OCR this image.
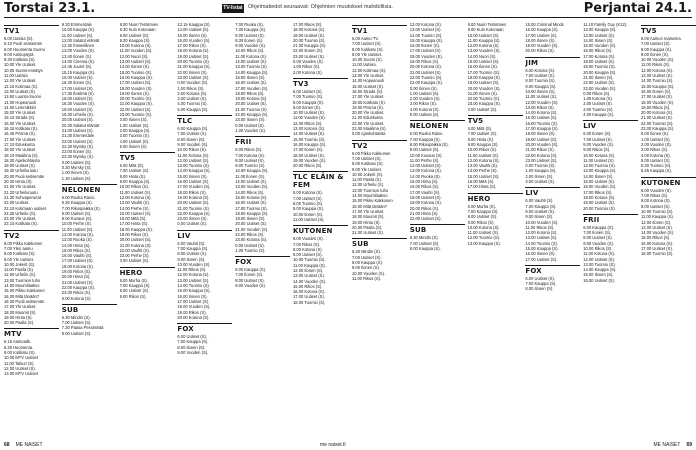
Torstai 23.1.	TV-listat Ohjelmatiedot seuraavat: Ohjelmien muutokset mahdollisia.	Perjantai 24.1.
TV1
5.00 Uutisia (S).
5.10 Puoli seitsemän
6.00 Huomenta Suomi
9.00 Aamupöytä
9.30 Kotikatu (S).
10.00 Yle Uutiset.
10.05 Suomi-ennätys
11.00 Uutisia
12.00 Yle Uutiset.
12.10 Kotimaa (S).
13.00 Uutiset (S).
13.50 Luonto-Suomi
14.00 Hopeanuoli
14.50 Lemmikkini
15.00 Yle Uutiset.
15.10 Strada (S).
16.00 Yle Uutiset.
16.15 Kotikatu (S).
16.45 Prisma (S).
17.00 Yle Uutiset.
17.10 Eduskunta
18.00 Yle Uutiset.
18.10 Maailma (S).
18.30 Ajankohtaista
19.00 Uutiset (S).
19.30 Urheiluruutu
20.00 Puoli seitsemän
20.30 Hinta (S).
21.00 Yle Uutiset.
21.20 Urheiluruutu
21.30 Sohvaperunat
22.00 Uutiset.
22.10 Kotimaan uutiset
22.25 Urheilu (S).
23.00 Yle Uutiset.
23.10 Kotikatu (S).
TV2
6.00 Pikku Kakkonen
7.00 Ylen aamu
8.00 Kotikatu (S).
9.00 Yle Uutiset.
10.00 Jokerit (S).
11.00 Pasila (S).
12.00 Urheilu (S).
13.00 Tuomion tuho
14.00 Muumilaakso
15.00 Pikku Kakkonen
16.00 Mitä tänään?
16.30 Puoli seitsemän
17.00 Yle Uutiset.
18.00 Muumit (S).
19.00 Hinta (S).
20.00 Pasila (S).
MTV
6.15 Aamutalk.
6.30 Huomenta.
9.00 Kotikatu (S).
10.00 MTV Uutiset
11.00 Taikuri (S).
12.00 Uutiset (S).
13.00 MTV Uutiset
9.30 Emmerdale
10.00 Kauppa (S).
11.00 Uutiset (S).
12.00 Salatut elämät
12.30 Ihmeellinen
13.00 Vuoden (S).
13.40 Ilonen (S).
14.00 Cinema (S).
14.45 Juuret (S).
15.15 Kauppa (S).
16.00 Uutiset (S).
16.30 Ilonen (S).
17.00 Uutiset (S).
17.30 Ilosilmä (S).
18.00 Uutiset (S).
18.30 Vuoden (S).
19.00 Uutiset (S).
19.30 Urheilu (S).
20.00 Uutiset (S).
20.30 Salatut elämät
21.00 Uutiset (S).
21.30 Emmerdale
22.00 Uutiset (S).
22.30 Myrsky (S).
23.00 Ilonen (S).
23.30 Myrsky (S).
0.00 Uutiset (S).
0.30 Myrsky (S).
1.00 Ilonen (S).
1.30 Uutiset (S).
NELONEN
6.00 Ruoka Raivo.
6.30 Kauppa (S).
7.00 Rikospaikka (S).
8.00 Uutiset (S).
9.00 Kuvaus (S).
10.00 Perhe (S).
11.00 Uutiset (S).
12.00 Kotona (S).
13.00 Ruoka (S).
14.00 Hinta (S).
15.00 Rikos (S).
16.00 Vauhti (S).
17.00 Uutiset (S).
18.00 Kotona (S).
19.00 Rikos (S).
20.00 Hinta (S).
21.00 Uutiset (S).
22.00 Kauppa (S).
23.00 Rikos (S).
0.00 Kotona (S).
SUB
6.30 Mindin (S).
7.00 Uutiset (S).
7.30 Paasa Pessimistä
8.00 Uutiset (S).
8.00 Nuori Teräsmies
8.30 Kuin Kotonaan
9.00 Uutiset (S).
9.30 Kauppa (S).
10.00 Kotona (S).
11.00 Vuoden (S).
12.00 Nuori (S).
13.00 Uutiset (S).
14.00 Ilonen (S).
15.00 Tuomio (S).
16.00 Kauppa (S).
17.00 Uutiset (S).
18.00 Vuoden (S).
19.00 Ilonen (S).
20.00 Tuomio (S).
21.00 Kauppa (S).
22.00 Uutiset (S).
23.00 Tuomio (S).
0.00 Ilonen (S).
1.00 Uutiset (S).
2.00 Kauppa (S).
3.00 Tuomio (S).
4.00 Uutiset (S).
5.00 Ilonen (S).
TV5
6.00 Mitä (S).
7.00 Uutiset (S).
8.00 Hinta (S).
9.00 Kauppa (S).
10.00 Rikos (S).
11.00 Uutiset (S).
12.00 Kotona (S).
13.00 Vauhti (S).
14.00 Perhe (S).
15.00 Uutiset (S).
16.00 Mitä (S).
17.00 Hinta (S).
18.00 Kauppa (S).
19.00 Rikos (S).
20.00 Uutiset (S).
21.00 Kotona (S).
22.00 Vauhti (S).
23.00 Perhe (S).
0.00 Uutiset (S).
HERO
6.00 Murha (S).
7.00 Kauppa (S).
8.00 Uutiset (S).
9.00 Rikos (S).
13.15 Kauppa (S).
14.00 Uutiset (S).
15.00 Ilonen (S).
16.00 Vuoden (S).
17.00 Rikos (S).
18.00 Kotona (S).
19.00 Uutiset (S).
20.00 Tuomio (S).
21.00 Kauppa (S).
22.00 Ilonen (S).
23.00 Uutiset (S).
0.00 Vuoden (S).
1.00 Rikos (S).
2.00 Kotona (S).
3.00 Uutiset (S).
4.00 Tuomio (S).
5.00 Kauppa (S).
TLC
6.00 Kauppa (S).
7.00 Uutiset (S).
8.00 Ilonen (S).
9.00 Vuoden (S).
10.00 Rikos (S).
11.00 Kotona (S).
12.00 Uutiset (S).
13.00 Tuomio (S).
14.00 Kauppa (S).
15.00 Ilonen (S).
16.00 Uutiset (S).
17.00 Vuoden (S).
18.00 Rikos (S).
19.00 Kotona (S).
20.00 Uutiset (S).
21.00 Tuomio (S).
22.00 Kauppa (S).
23.00 Ilonen (S).
0.00 Uutiset (S).
LIV
6.00 Vauhti (S).
7.00 Kauppa (S).
8.00 Uutiset (S).
9.00 Ilonen (S).
10.00 Vuoden (S).
11.00 Rikos (S).
12.00 Kotona (S).
13.00 Uutiset (S).
14.00 Tuomio (S).
15.00 Kauppa (S).
16.00 Ilonen (S).
17.00 Uutiset (S).
18.00 Vuoden (S).
19.00 Rikos (S).
20.00 Kotona (S).
FOX
6.00 Uutiset (S).
7.00 Kauppa (S).
8.00 Ilonen (S).
9.00 Vuoden (S).
7.00 Ruoka (S).
7.30 Kauppa (S).
8.00 Uutiset (S).
8.30 Ilonen (S).
9.00 Vuoden (S).
10.00 Rikos (S).
11.00 Kotona (S).
12.00 Uutiset (S).
13.00 Tuomio (S).
14.00 Kauppa (S).
15.00 Ilonen (S).
16.00 Uutiset (S).
17.00 Vuoden (S).
18.00 Rikos (S).
19.00 Kotona (S).
20.00 Uutiset (S).
21.00 Tuomio (S).
22.00 Kauppa (S).
23.00 Ilonen (S).
0.00 Uutiset (S).
1.00 Vuoden (S).
FRII
6.00 Rikos (S).
7.00 Kotona (S).
8.00 Uutiset (S).
9.00 Tuomio (S).
10.00 Kauppa (S).
11.00 Ilonen (S).
12.00 Uutiset (S).
13.00 Vuoden (S).
14.00 Rikos (S).
15.00 Kotona (S).
16.00 Uutiset (S).
17.00 Tuomio (S).
18.00 Kauppa (S).
19.00 Ilonen (S).
20.00 Uutiset (S).
21.00 Vuoden (S).
22.00 Rikos (S).
23.00 Kotona (S).
0.00 Uutiset (S).
1.00 Tuomio (S).
FOX
6.00 Kauppa (S).
7.00 Ilonen (S).
8.00 Uutiset (S).
9.00 Vuoden (S).
17.00 Rikos (S).
18.00 Kotona (S).
19.00 Uutiset (S).
20.00 Tuomio (S).
21.00 Kauppa (S).
22.00 Ilonen (S).
23.00 Uutiset (S).
0.00 Vuoden (S).
1.00 Rikos (S).
2.00 Kotona (S).
TV3
6.00 Uutiset (S).
7.00 Tuomio (S).
8.00 Kauppa (S).
9.00 Ilonen (S).
10.00 Uutiset (S).
11.00 Vuoden (S).
12.00 Rikos (S).
13.00 Kotona (S).
14.00 Uutiset (S).
15.00 Tuomio (S).
16.00 Kauppa (S).
17.00 Ilonen (S).
18.00 Uutiset (S).
19.00 Vuoden (S).
20.00 Rikos (S).
TLC ELÄIN & FEM
6.00 Kotona (S).
7.00 Uutiset (S).
8.00 Tuomio (S).
9.00 Kauppa (S).
10.00 Ilonen (S).
11.00 Uutiset (S).
KUTONEN
6.00 Vuoden (S).
7.00 Rikos (S).
8.00 Kotona (S).
9.00 Uutiset (S).
10.00 Tuomio (S).
11.00 Kauppa (S).
12.00 Ilonen (S).
13.00 Uutiset (S).
14.00 Vuoden (S).
15.00 Rikos (S).
16.00 Kotona (S).
17.00 Uutiset (S).
18.00 Tuomio (S).
TV1
6.00 Aamu-TV.
7.00 Uutiset (S).
8.00 Kotikatu (S).
9.00 Yle Uutiset.
10.00 Suomi (S).
11.00 Uutisia.
12.00 Kotimaa (S).
13.00 Yle Uutiset.
14.00 Hopeanuoli
15.00 Uutiset (S).
16.00 Strada (S).
17.00 Yle Uutiset.
18.00 Kotikatu (S).
19.00 Prisma (S).
20.00 Yle Uutiset.
21.00 Eduskunta
22.00 Yle Uutiset.
23.00 Maailma (S).
0.00 Ajankohtaista
TV2
6.00 Pikku Kakkonen
7.00 Uutiset (S).
8.00 Kotikatu (S).
9.00 Yle Uutiset.
10.00 Jokerit (S).
11.00 Pasila (S).
12.00 Urheilu (S).
13.00 Tuomion tuho
14.00 Muumilaakso
15.00 Pikku Kakkonen
16.00 Mitä tänään?
17.00 Yle Uutiset.
18.00 Muumit (S).
19.00 Hinta (S).
20.00 Pasila (S).
21.00 Uutiset (S).
SUB
6.30 Mindin (S).
7.00 Uutiset (S).
8.00 Kauppa (S).
9.00 Ilonen (S).
10.00 Vuoden (S).
11.00 Rikos (S).
12.00 Kotona (S).
13.00 Uutiset (S).
14.00 Tuomio (S).
15.00 Kauppa (S).
16.00 Ilonen (S).
17.00 Uutiset (S).
18.00 Vuoden (S).
19.00 Rikos (S).
20.00 Kotona (S).
21.00 Uutiset (S).
22.00 Tuomio (S).
23.00 Kauppa (S).
0.00 Ilonen (S).
1.00 Uutiset (S).
2.00 Vuoden (S).
3.00 Rikos (S).
4.00 Kotona (S).
5.00 Uutiset (S).
NELONEN
6.00 Ruoka Raivo.
7.00 Kauppa (S).
8.00 Rikospaikka (S).
9.00 Uutiset (S).
10.00 Kuvaus (S).
11.00 Perhe (S).
12.00 Uutiset (S).
13.00 Kotona (S).
14.00 Ruoka (S).
15.00 Hinta (S).
16.00 Rikos (S).
17.00 Vauhti (S).
18.00 Uutiset (S).
19.00 Kotona (S).
20.00 Rikos (S).
21.00 Hinta (S).
22.00 Uutiset (S).
SUB
6.30 Mindin (S).
7.00 Uutiset (S).
8.00 Kauppa (S).
8.00 Nuori Teräsmies
9.00 Kuin Kotonaan
10.00 Uutiset (S).
11.00 Kauppa (S).
12.00 Kotona (S).
13.00 Vuoden (S).
14.00 Nuori (S).
15.00 Uutiset (S).
16.00 Ilonen (S).
17.00 Tuomio (S).
18.00 Kauppa (S).
19.00 Uutiset (S).
20.00 Vuoden (S).
21.00 Ilonen (S).
22.00 Tuomio (S).
23.00 Kauppa (S).
0.00 Uutiset (S).
TV5
6.00 Mitä (S).
7.00 Uutiset (S).
8.00 Hinta (S).
9.00 Kauppa (S).
10.00 Rikos (S).
11.00 Uutiset (S).
12.00 Kotona (S).
13.00 Vauhti (S).
14.00 Perhe (S).
15.00 Uutiset (S).
16.00 Mitä (S).
17.00 Hinta (S).
HERO
6.00 Murha (S).
7.00 Kauppa (S).
8.00 Uutiset (S).
9.00 Rikos (S).
10.00 Kotona (S).
11.00 Uutiset (S).
12.00 Tuomio (S).
13.00 Kauppa (S).
15.00 Criminal Minds
16.00 Kauppa (S).
17.00 Uutiset (S).
18.00 Ilonen (S).
19.00 Vuoden (S).
20.00 Rikos (S).
JIM
6.00 Kotona (S).
7.00 Uutiset (S).
8.00 Tuomio (S).
9.00 Kauppa (S).
10.00 Ilonen (S).
11.00 Uutiset (S).
12.00 Vuoden (S).
13.00 Rikos (S).
14.00 Kotona (S).
15.00 Uutiset (S).
16.00 Tuomio (S).
17.00 Kauppa (S).
18.00 Ilonen (S).
19.00 Uutiset (S).
20.00 Vuoden (S).
21.00 Rikos (S).
22.00 Kotona (S).
23.00 Uutiset (S).
0.00 Tuomio (S).
1.00 Kauppa (S).
2.00 Ilonen (S).
3.00 Uutiset (S).
LIV
6.00 Vauhti (S).
7.00 Kauppa (S).
8.00 Uutiset (S).
9.00 Ilonen (S).
10.00 Vuoden (S).
11.00 Rikos (S).
12.00 Kotona (S).
13.00 Uutiset (S).
14.00 Tuomio (S).
15.00 Kauppa (S).
16.00 Ilonen (S).
17.00 Uutiset (S).
FOX
6.00 Uutiset (S).
7.00 Kauppa (S).
8.00 Ilonen (S).
11.10 Family Guy (K12).
12.00 Kauppa (S).
13.00 Uutiset (S).
14.00 Ilonen (S).
15.00 Vuoden (S).
16.00 Rikos (S).
17.00 Kotona (S).
18.00 Uutiset (S).
19.00 Tuomio (S).
20.00 Kauppa (S).
21.00 Ilonen (S).
22.00 Uutiset (S).
23.00 Vuoden (S).
0.00 Rikos (S).
1.00 Kotona (S).
2.00 Uutiset (S).
3.00 Tuomio (S).
4.00 Kauppa (S).
LIV
6.00 Ilonen (S).
7.00 Uutiset (S).
8.00 Vuoden (S).
9.00 Rikos (S).
10.00 Kotona (S).
11.00 Uutiset (S).
12.00 Tuomio (S).
13.00 Kauppa (S).
14.00 Ilonen (S).
15.00 Uutiset (S).
16.00 Vuoden (S).
17.00 Rikos (S).
18.00 Kotona (S).
19.00 Uutiset (S).
20.00 Tuomio (S).
FRII
6.00 Kauppa (S).
7.00 Ilonen (S).
8.00 Uutiset (S).
9.00 Vuoden (S).
10.00 Rikos (S).
11.00 Kotona (S).
12.00 Uutiset (S).
13.00 Tuomio (S).
14.00 Kauppa (S).
15.00 Ilonen (S).
16.00 Uutiset (S).
TV5
6.00 Aamun maisema
7.00 Uutiset (S).
8.00 Kauppa (S).
9.00 Ilonen (S).
10.00 Vuoden (S).
11.00 Rikos (S).
12.00 Kotona (S).
13.00 Uutiset (S).
14.00 Tuomio (S).
15.00 Kauppa (S).
16.00 Ilonen (S).
17.00 Uutiset (S).
18.00 Vuoden (S).
19.00 Rikos (S).
20.00 Kotona (S).
21.00 Uutiset (S).
22.00 Tuomio (S).
23.00 Kauppa (S).
0.00 Ilonen (S).
1.00 Uutiset (S).
2.00 Vuoden (S).
3.00 Rikos (S).
4.00 Kotona (S).
5.00 Uutiset (S).
5.30 Tuomio (S).
5.45 Kauppa (S).
KUTONEN
6.00 Vuoden (S).
7.00 Rikos (S).
8.00 Kotona (S).
9.00 Uutiset (S).
10.00 Tuomio (S).
11.00 Kauppa (S).
12.00 Ilonen (S).
13.00 Uutiset (S).
14.00 Vuoden (S).
15.00 Rikos (S).
16.00 Kotona (S).
17.00 Uutiset (S).
18.00 Tuomio (S).
68 ME NAISET	me naiset.fi	ME NAISET 69
